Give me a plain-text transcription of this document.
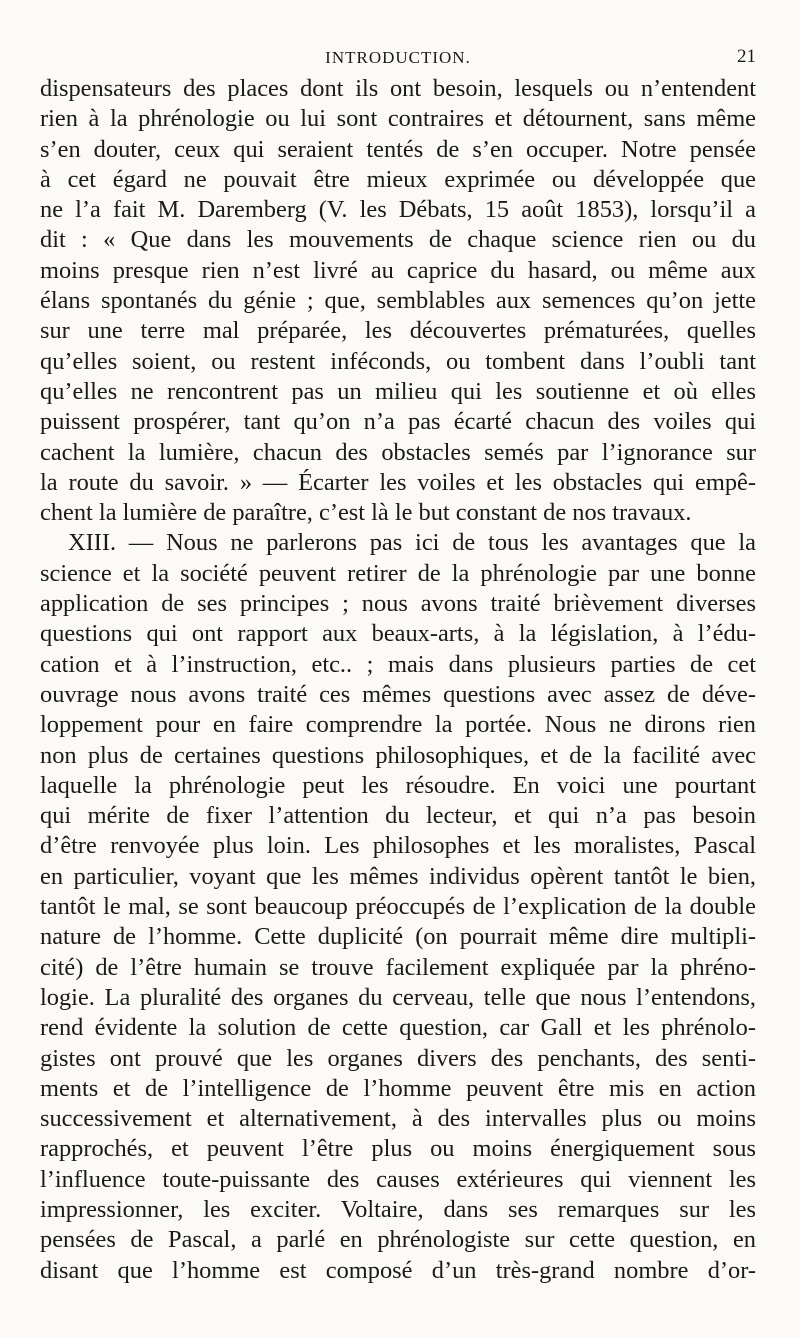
INTRODUCTION.	21
dispensateurs des places dont ils ont besoin, lesquels ou n’entendent
rien à la phrénologie ou lui sont contraires et détournent, sans même
s’en douter, ceux qui seraient tentés de s’en occuper. Notre pensée
à cet égard ne pouvait être mieux exprimée ou développée que
ne l’a fait M. Daremberg (V. les Débats, 15 août 1853), lorsqu’il a
dit : « Que dans les mouvements de chaque science rien ou du
moins presque rien n’est livré au caprice du hasard, ou même aux
élans spontanés du génie ; que, semblables aux semences qu’on jette
sur une terre mal préparée, les découvertes prématurées, quelles
qu’elles soient, ou restent inféconds, ou tombent dans l’oubli tant
qu’elles ne rencontrent pas un milieu qui les soutienne et où elles
puissent prospérer, tant qu’on n’a pas écarté chacun des voiles qui
cachent la lumière, chacun des obstacles semés par l’ignorance sur
la route du savoir. » — Écarter les voiles et les obstacles qui empê-
chent la lumière de paraître, c’est là le but constant de nos travaux.
XIII. — Nous ne parlerons pas ici de tous les avantages que la
science et la société peuvent retirer de la phrénologie par une bonne
application de ses principes ; nous avons traité brièvement diverses
questions qui ont rapport aux beaux-arts, à la législation, à l’édu-
cation et à l’instruction, etc.. ; mais dans plusieurs parties de cet
ouvrage nous avons traité ces mêmes questions avec assez de déve-
loppement pour en faire comprendre la portée. Nous ne dirons rien
non plus de certaines questions philosophiques, et de la facilité avec
laquelle la phrénologie peut les résoudre. En voici une pourtant
qui mérite de fixer l’attention du lecteur, et qui n’a pas besoin
d’être renvoyée plus loin. Les philosophes et les moralistes, Pascal
en particulier, voyant que les mêmes individus opèrent tantôt le bien,
tantôt le mal, se sont beaucoup préoccupés de l’explication de la double
nature de l’homme. Cette duplicité (on pourrait même dire multipli-
cité) de l’être humain se trouve facilement expliquée par la phréno-
logie. La pluralité des organes du cerveau, telle que nous l’entendons,
rend évidente la solution de cette question, car Gall et les phrénolo-
gistes ont prouvé que les organes divers des penchants, des senti-
ments et de l’intelligence de l’homme peuvent être mis en action
successivement et alternativement, à des intervalles plus ou moins
rapprochés, et peuvent l’être plus ou moins énergiquement sous
l’influence toute-puissante des causes extérieures qui viennent les
impressionner, les exciter. Voltaire, dans ses remarques sur les
pensées de Pascal, a parlé en phrénologiste sur cette question, en
disant que l’homme est composé d’un très-grand nombre d’or-
